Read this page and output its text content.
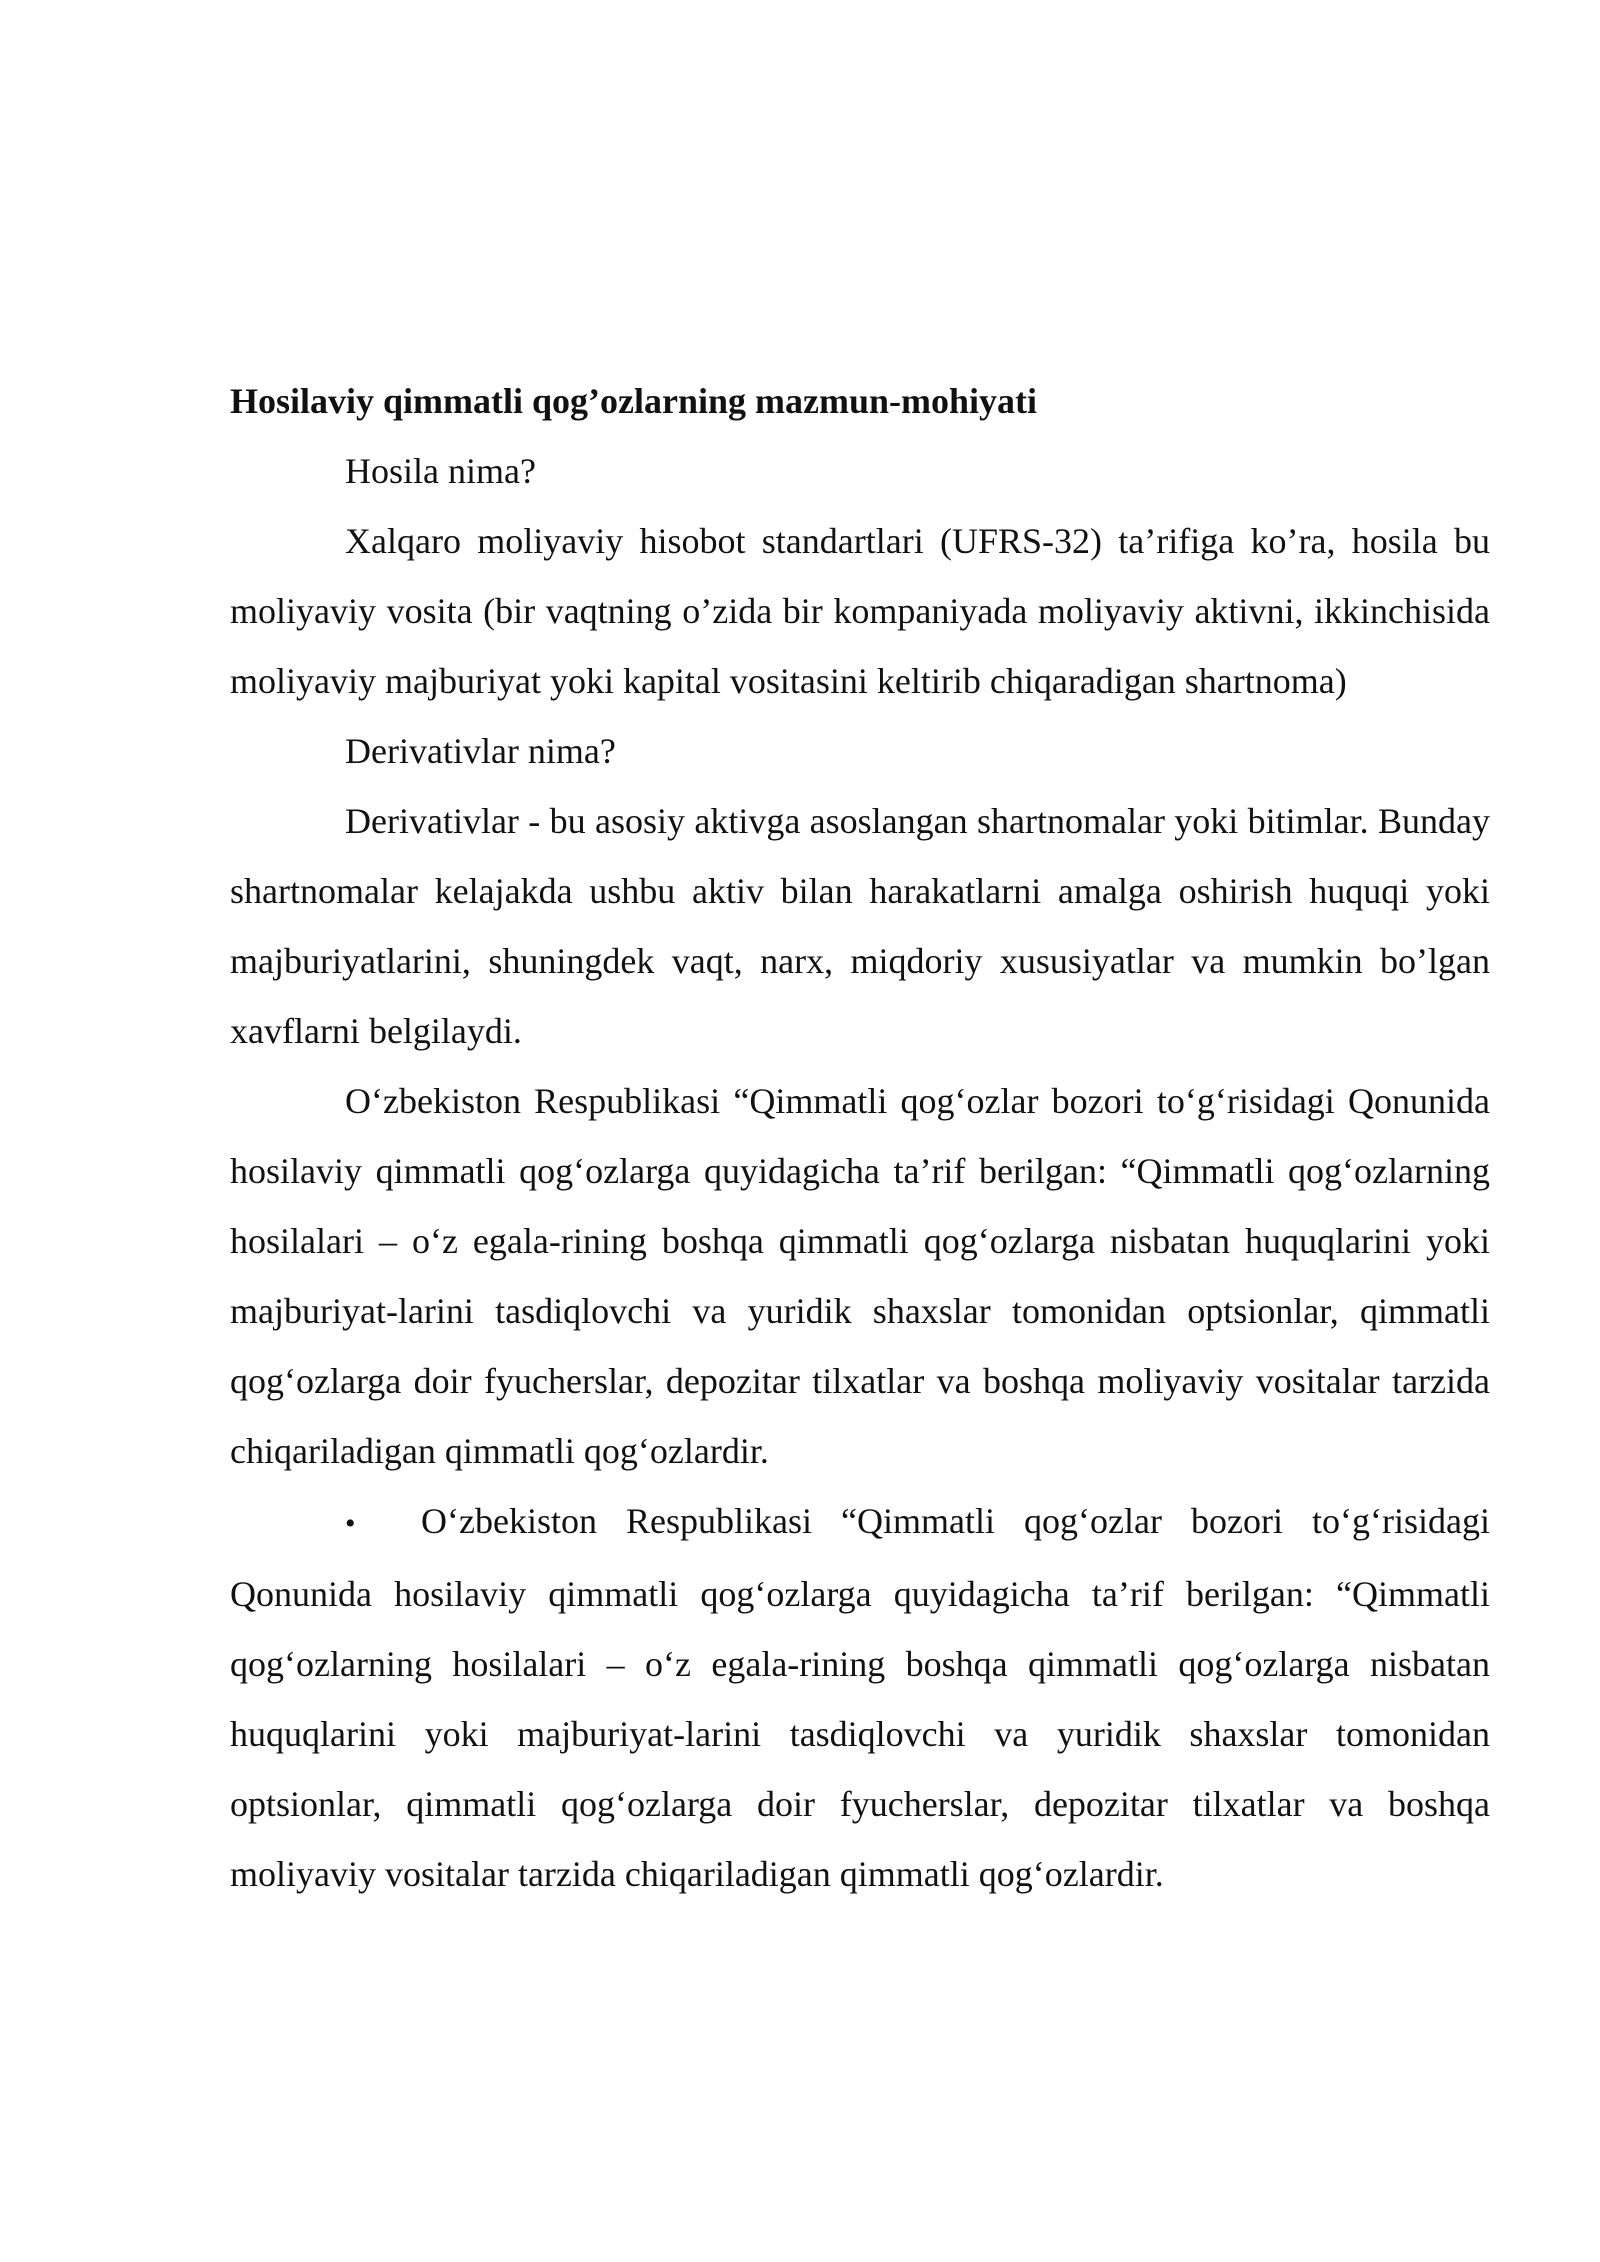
Hosilaviy qimmatli qog’ozlarning mazmun-mohiyati

Hosila nima?

Xalqaro moliyaviy hisobot standartlari (UFRS-32) ta’rifiga ko’ra, hosila bu moliyaviy vosita (bir vaqtning o’zida bir kompaniyada moliyaviy aktivni, ikkinchisida moliyaviy majburiyat yoki kapital vositasini keltirib chiqaradigan shartnoma)

Derivativlar nima?

Derivativlar - bu asosiy aktivga asoslangan shartnomalar yoki bitimlar. Bunday shartnomalar kelajakda ushbu aktiv bilan harakatlarni amalga oshirish huquqi yoki majburiyatlarini, shuningdek vaqt, narx, miqdoriy xususiyatlar va mumkin bo’lgan xavflarni belgilaydi.

Oʻzbekiston Respublikasi “Qimmatli qogʻozlar bozori toʻgʻrisidagi Qonunida hosilaviy qimmatli qogʻozlarga quyidagicha ta’rif berilgan: “Qimmatli qogʻozlarning hosilalari – oʻz egala-rining boshqa qimmatli qogʻozlarga nisbatan huquqlarini yoki majburiyat-larini tasdiqlovchi va yuridik shaxslar tomonidan optsionlar, qimmatli qogʻozlarga doir fyucherslar, depozitar tilxatlar va boshqa moliyaviy vositalar tarzida chiqariladigan qimmatli qogʻozlardir.

• Oʻzbekiston Respublikasi “Qimmatli qogʻozlar bozori toʻgʻrisidagi Qonunida hosilaviy qimmatli qogʻozlarga quyidagicha ta’rif berilgan: “Qimmatli qogʻozlarning hosilalari – oʻz egala-rining boshqa qimmatli qogʻozlarga nisbatan huquqlarini yoki majburiyat-larini tasdiqlovchi va yuridik shaxslar tomonidan optsionlar, qimmatli qogʻozlarga doir fyucherslar, depozitar tilxatlar va boshqa moliyaviy vositalar tarzida chiqariladigan qimmatli qogʻozlardir.
